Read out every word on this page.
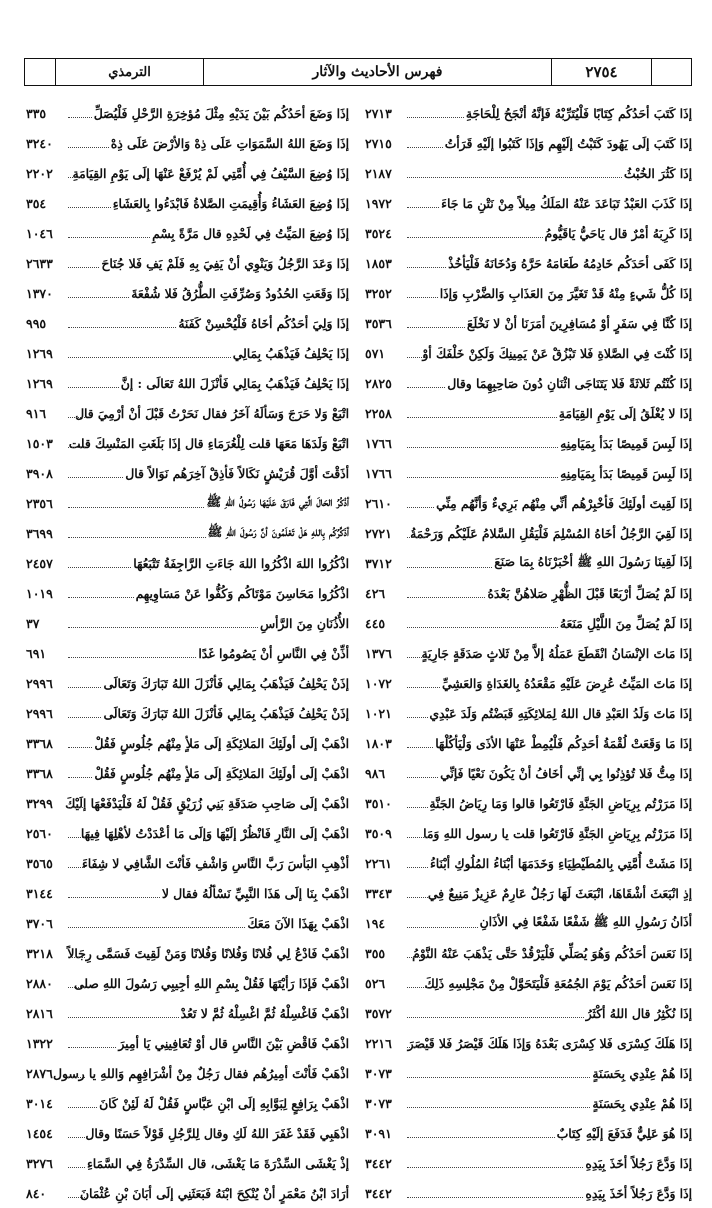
الترمذي	فهرس الأحاديث والآثار	٢٧٥٤
إذَا وَضَعَ أحَدُكُم بَيْنَ يَدَيْهِ مِثْلَ مُؤخِرَةِ الرَّحْلِ فَلْيُصَلِّ
٣٣٥
إذَا وَضَعَ اللهُ السَّمَوَاتِ عَلَى ذِهْ وَالأرْضَ عَلَى ذِهْ
٣٢٤٠
إذَا وُضِعَ السَّيْفُ فِي أُمَّتِي لَمْ يُرْفَعْ عَنْهَا إلَى يَوْمِ القِيَامَةِ
٢٢٠٢
إذَا وُضِعَ العَشَاءُ وَأُقِيمَتِ الصَّلاةُ فَابْدَءُوا بِالعَشَاءِ
٣٥٤
إذَا وُضِعَ المَيِّتُ فِي لَحْدِهِ قال مَرَّةً بِسْمِ
١٠٤٦
إذَا وَعَدَ الرَّجُلُ وَيَنْوِي أنْ يَفِيَ بِهِ فَلَمْ يَفِ فَلا جُنَاحَ
٢٦٣٣
إذَا وَقَعَتِ الحُدُودُ وَصُرِّفَتِ الطُّرُقُ فَلا شُفْعَةَ
١٣٧٠
إذَا وَلِيَ أحَدُكُم أخَاهُ فَلْيُحْسِنْ كَفَنَهُ
٩٩٥
إذَا يَحْلِفُ فَيَذْهَبُ بِمَالِي
١٢٦٩
إذَا يَحْلِفُ فَيَذْهَبُ بِمَالِي فَأنْزَلَ اللهُ تَعَالَى : إنَّ
١٢٦٩
اتْبَعْ وَلا حَرَجَ وَسَألَهُ آخَرُ فقال نَحَرْتُ قَبْلَ أنْ أرْمِيَ قال
٩١٦
اتْبَعْ وَلَدَهَا مَعَهَا قلت لِلْغُرَمَاءِ قال إذَا بَلَغَتِ المَنْسِكَ قلت
١٥٠٣
أذَقْتَ أوَّلَ قُرَيْشٍ نَكَالاً فَأذِقْ آخِرَهُم نَوَالاً قال
٣٩٠٨
أذْكُرُ الحَالَ الَّتِي فَارَقَ عَلَيْهَا رَسُولُ اللهِ ﷺ
٢٣٥٦
أذَكِّرُكُم بِاللهِ هَلْ تَعْلَمُونَ أنَّ رَسُولَ اللهِ ﷺ
٣٦٩٩
اذْكُرُوا اللهَ اذْكُرُوا اللهَ جَاءَتِ الرَّاجِفَةُ تَتْبَعُهَا
٢٤٥٧
اذْكُرُوا مَحَاسِنَ مَوْتَاكُم وَكُفُّوا عَنْ مَسَاوِيهِم
١٠١٩
الأُذُنَانِ مِنَ الرَّأسِ
٣٧
أذِّنْ فِي النَّاسِ أنْ يَصُومُوا غَدًا
٦٩١
إذَنْ يَحْلِفُ فَيَذْهَبُ بِمَالِي فَأنْزَلَ اللهُ تَبَارَكَ وَتَعَالَى
٢٩٩٦
إذَنْ يَحْلِفُ فَيَذْهَبُ بِمَالِي فَأنْزَلَ اللهُ تَبَارَكَ وَتَعَالَى
٢٩٩٦
اذْهَبْ إلَى أولَئِكَ المَلائِكَةِ إلَى مَلأٍ مِنْهُم جُلُوسٍ فَقُلْ
٣٣٦٨
اذْهَبْ إلَى أولَئِكَ المَلائِكَةِ إلَى مَلأٍ مِنْهُم جُلُوسٍ فَقُلْ
٣٣٦٨
اذْهَبْ إلَى صَاحِبِ صَدَقَةِ بَنِي زُرَيْقٍ فَقُلْ لَهُ فَلْيَدْفَعْهَا إلَيْكَ
٣٢٩٩
اذْهَبْ إلَى النَّارِ فَانْظُرْ إلَيْهَا وَإلَى مَا أعْدَدْتُ لأهْلِهَا فِيهَا
٢٥٦٠
أذْهِبِ البَأسَ رَبَّ النَّاسِ وَاشْفِ فَأنْتَ الشَّافِي لا شِفَاءَ
٣٥٦٥
اذْهَبْ بِنَا إلَى هَذَا النَّبِيِّ نَسْألُهُ فقال لا
٣١٤٤
اذْهَبْ بِهَذَا الآنَ مَعَكَ
٣٧٠٦
اذْهَبْ فَادْعُ لِي فُلانًا وَفُلانًا وَفُلانًا وَمَنْ لَقِيتَ فَسَمَّى رِجَالاً
٣٢١٨
اذْهَبْ فَإذَا رَأيْتَهَا فَقُلْ بِسْمِ اللهِ أجِيبِي رَسُولَ اللهِ صلى
٢٨٨٠
اذْهَبْ فَاغْسِلْهُ ثُمَّ اغْسِلْهُ ثُمَّ لا تَعُدْ
٢٨١٦
اذْهَبْ فَاقْضِ بَيْنَ النَّاسِ قال أوْ تُعَافِينِي يَا أمِيرَ
١٣٢٢
اذْهَبْ فَأنْتَ أمِيرُهُم فقال رَجُلٌ مِنْ أشْرَافِهِم وَاللهِ يا رسول
٢٨٧٦
اذْهَبْ بِرَافِعٍ لِبَوَّابِهِ إلَى ابْنِ عَبَّاسٍ فَقُلْ لَهُ لَئِنْ كَانَ
٣٠١٤
اذْهَبِي فَقَدْ غَفَرَ اللهُ لَكِ وقال لِلرَّجُلِ قَوْلاً حَسَنًا وقال
١٤٥٤
إذْ يَغْشَى السِّدْرَةَ مَا يَغْشَى، قال السِّدْرَةُ فِي السَّمَاءِ
٣٢٧٦
أرَادَ ابْنُ مَعْمَرٍ أنْ يُنْكِحَ ابْنَهُ فَبَعَثَنِي إلَى أبَانَ بْنِ عُثْمَانَ
٨٤٠
إذَا كَتَبَ أحَدُكُم كِتَابًا فَلْيُتَرِّبْهُ فَإنَّهُ أنْجَحُ لِلْحَاجَةِ
٢٧١٣
إذَا كَتَبَ إلَى يَهُودَ كَتَبْتُ إلَيْهِم وَإذَا كَتَبُوا إلَيْهِ قَرَأتُ
٢٧١٥
إذَا كَثُرَ الخُبْثُ
٢١٨٧
إذَا كَذَبَ العَبْدُ تَبَاعَدَ عَنْهُ المَلَكُ مِيلاً مِنْ نَتْنِ مَا جَاءَ
١٩٧٢
إذَا كَرِبَهُ أمْرٌ قال يَاحَيُّ يَاقَيُّومُ
٣٥٢٤
إذَا كَفَى أحَدَكُم خَادِمُهُ طَعَامَهُ حَرَّهُ وَدُخَانَهُ فَلْيَأخُذْ
١٨٥٣
إذَا كُلُّ شَيءٍ مِنْهُ قَدْ تَغَيَّرَ مِنَ العَذَابِ وَالضَّرْبِ وَإذَا
٣٢٥٢
إذَا كُنَّا فِي سَفَرٍ أوْ مُسَافِرِينَ أمَرَنَا أنْ لا نَخْلَعَ
٣٥٣٦
إذَا كُنْتَ فِي الصَّلاةِ فَلا تَبْزُقْ عَنْ يَمِينِكَ وَلَكِنْ خَلْفَكَ أوْ
٥٧١
إذَا كُنْتُم ثَلاثَةً فَلا يَتَنَاجَى اثْنَانِ دُونَ صَاحِبِهِمَا وقال
٢٨٢٥
إذَا لا يُغْلَقُ إلَى يَوْمِ القِيَامَةِ
٢٢٥٨
إذَا لَبِسَ قَمِيصًا بَدَأ بِمَيَامِنِهِ
١٧٦٦
إذَا لَبِسَ قَمِيصًا بَدَأ بِمَيَامِنِهِ
١٧٦٦
إذَا لَقِيتَ أولَئِكَ فَأخْبِرْهُم أنِّي مِنْهُم بَرِيءٌ وَأنَّهُم مِنِّي
٢٦١٠
إذَا لَقِيَ الرَّجُلُ أخَاهُ المُسْلِمَ فَلْيَقُلِ السَّلامُ عَلَيْكُم وَرَحْمَةُ
٢٧٢١
إذَا لَقِينَا رَسُولَ اللهِ ﷺ أخْبَرْنَاهُ بِمَا صَنَعَ
٣٧١٢
إذَا لَمْ يُصَلِّ أرْبَعًا قَبْلَ الظُّهْرِ صَلاهُنَّ بَعْدَهُ
٤٢٦
إذَا لَمْ يُصَلِّ مِنَ اللَّيْلِ مَنَعَهُ
٤٤٥
إذَا مَاتَ الإنْسَانُ انْقَطَعَ عَمَلُهُ إلاَّ مِنْ ثَلاثٍ صَدَقَةٍ جَارِيَةٍ
١٣٧٦
إذَا مَاتَ المَيِّتُ عُرِضَ عَلَيْهِ مَقْعَدُهُ بِالغَدَاةِ وَالعَشِيِّ
١٠٧٢
إذَا مَاتَ وَلَدُ العَبْدِ قال اللهُ لِمَلائِكَتِهِ قَبَضْتُم وَلَدَ عَبْدِي
١٠٢١
إذَا مَا وَقَعَتْ لُقْمَةُ أحَدِكُم فَلْيُمِطْ عَنْهَا الأذَى وَلْيَأكُلْهَا
١٨٠٣
إذَا مِتُّ فَلا تُؤذِنُوا بِي إنِّي أخَافُ أنْ يَكُونَ نَعْيًا فَإنِّي
٩٨٦
إذَا مَرَرْتُم بِرِيَاضِ الجَنَّةِ فَارْتَعُوا قالوا وَمَا رِيَاضُ الجَنَّةِ
٣٥١٠
إذَا مَرَرْتُم بِرِيَاضِ الجَنَّةِ فَارْتَعُوا قلت يا رسول اللهِ وَمَا
٣٥٠٩
إذَا مَشَتْ أُمَّتِي بِالمُطَيْطِيَاءِ وَخَدَمَهَا أبْنَاءُ المُلُوكِ أبْنَاءُ
٢٢٦١
إذِ انْبَعَثَ أشْقَاهَا، انْبَعَثَ لَهَا رَجُلٌ عَارِمٌ عَزِيزٌ مَنِيعٌ فِي
٣٣٤٣
أذَانُ رَسُولِ اللهِ ﷺ شَفْعًا شَفْعًا فِي الأذَانِ
١٩٤
إذَا نَعَسَ أحَدُكُم وَهُوَ يُصَلِّي فَلْيَرْقُدْ حَتَّى يَذْهَبَ عَنْهُ النَّوْمُ
٣٥٥
إذَا نَعَسَ أحَدُكُم يَوْمَ الجُمُعَةِ فَلْيَتَحَوَّلْ مِنْ مَجْلِسِهِ ذَلِكَ
٥٢٦
إذَا نُكْثِرُ قال اللهُ أكْثَرُ
٣٥٧٢
إذَا هَلَكَ كِسْرَى فَلا كِسْرَى بَعْدَهُ وَإذَا هَلَكَ قَيْصَرُ فَلا قَيْصَرَ
٢٢١٦
إذَا هُمْ عِنْدِي بِحَسَنَةٍ
٣٠٧٣
إذَا هُمْ عِنْدِي بِحَسَنَةٍ
٣٠٧٣
إذَا هُوَ عَلِيٌّ فَدَفَعَ إلَيْهِ كِتَابٌ
٣٠٩١
إذَا وَدَّعَ رَجُلاً أخَذَ بِيَدِهِ
٣٤٤٢
إذَا وَدَّعَ رَجُلاً أخَذَ بِيَدِهِ
٣٤٤٢
